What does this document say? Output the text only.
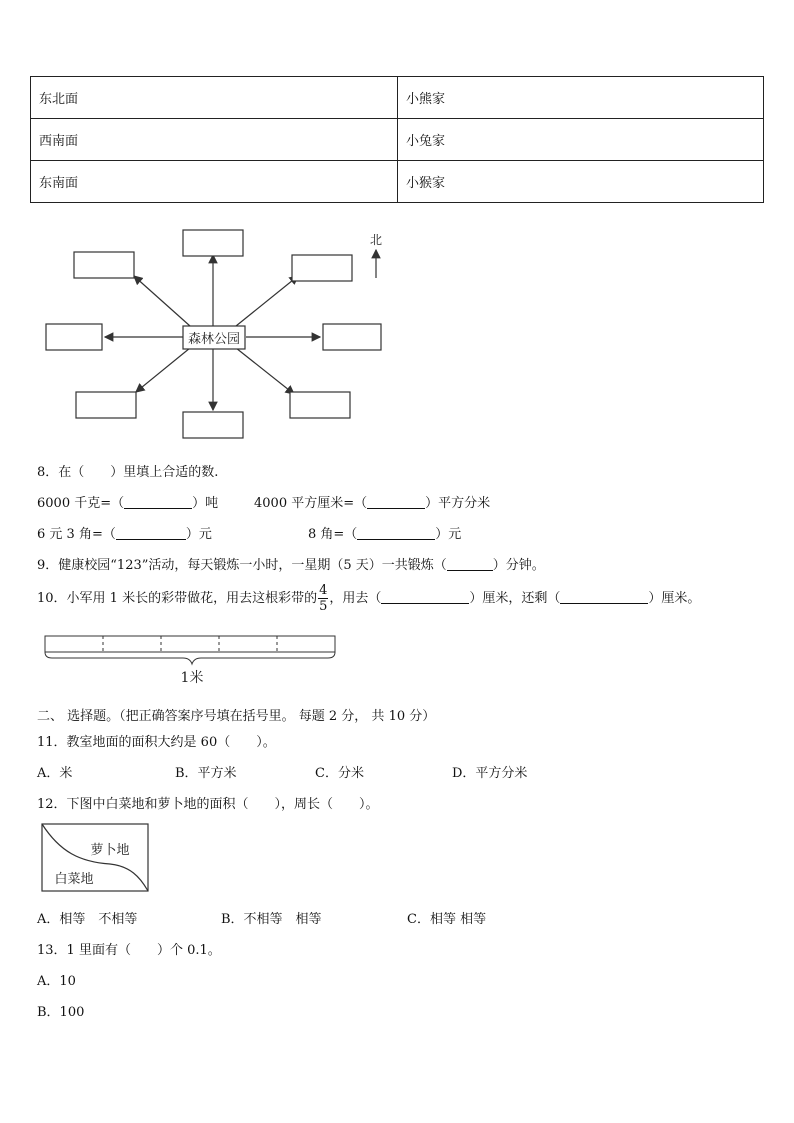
东北面	小熊家
西南面	小兔家
东南面	小猴家
森林公园
北
8．在（　　）里填上合适的数.
6000 千克=（	）吨	4000 平方厘米=（	）平方分米
6 元 3 角=（	）元	8 角=（	）元
9．健康校园“123”活动，每天锻炼一小时，一星期（5 天）一共锻炼（	）分钟。
10．小军用 1 米长的彩带做花，用去这根彩带的 $\frac{4}{5}$ ，用去（	）厘米，还剩（	）厘米。
1米
二、 选择题。（把正确答案序号填在括号里。 每题 2 分， 共 10 分）
11．教室地面的面积大约是 60（　　）。
A．米	B．平方米	C．分米	D．平方分米
12．下图中白菜地和萝卜地的面积（　　），周长（　　）。
萝卜地
白菜地
A．相等　不相等	B．不相等　相等	C．相等 相等
13．1 里面有（　　）个 0.1。
A．10
B．100
